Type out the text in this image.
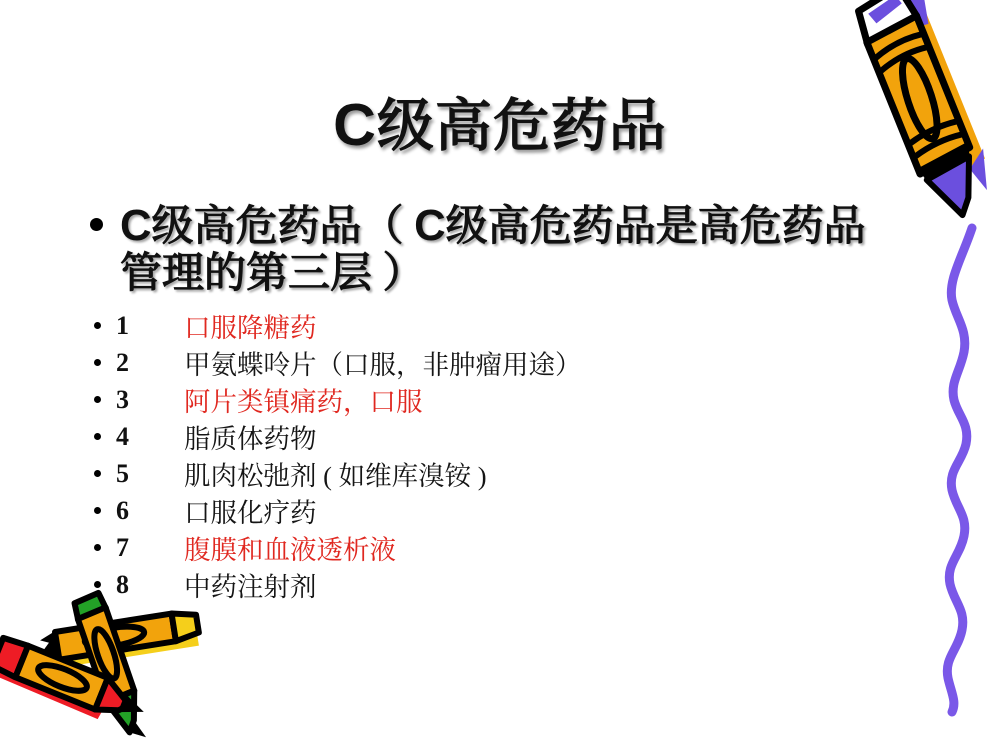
C级高危药品
C级高危药品（ C级高危药品是高危药品
管理的第三层 ）
1	口服降糖药
2	甲氨蝶呤片（口服，非肿瘤用途）
3	阿片类镇痛药，口服
4	脂质体药物
5	肌肉松弛剂 ( 如维库溴铵 )
6	口服化疗药
7	腹膜和血液透析液
8	中药注射剂
